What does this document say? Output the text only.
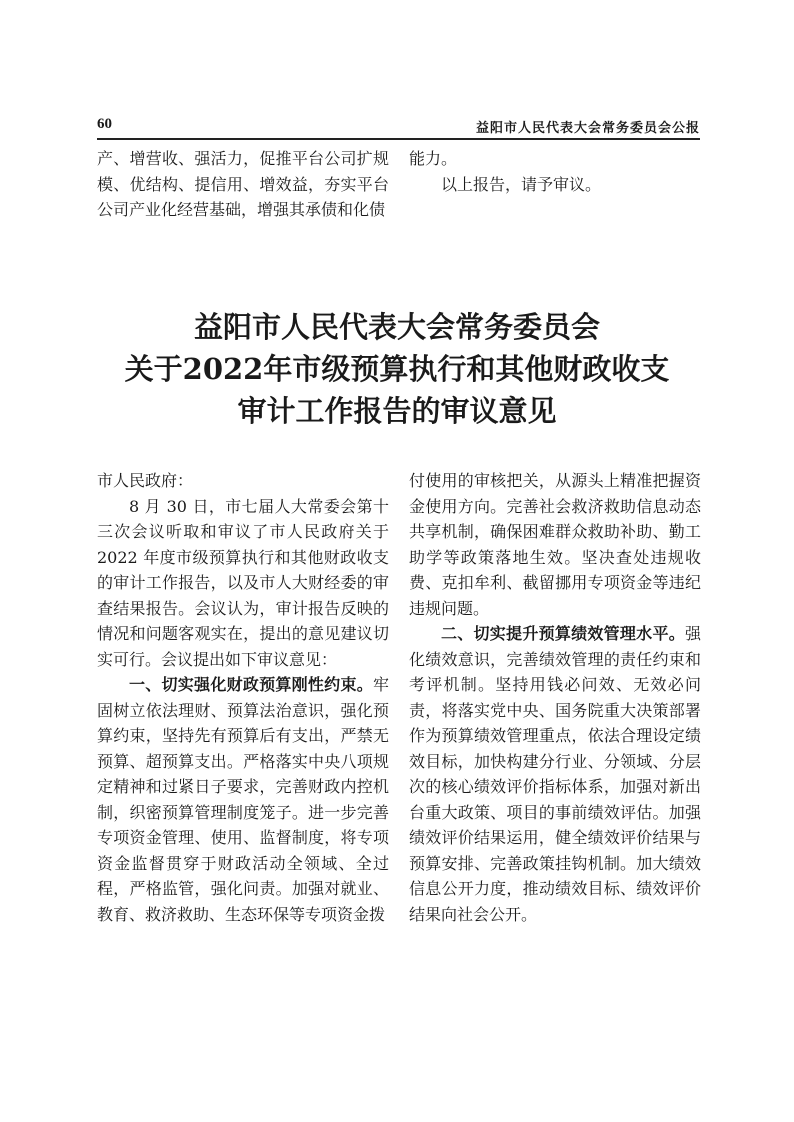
60	益阳市人民代表大会常务委员会公报

产、增营收、强活力，促推平台公司扩规模、优结构、提信用、增效益，夯实平台公司产业化经营基础，增强其承债和化债

能力。

以上报告，请予审议。

益阳市人民代表大会常务委员会
关于2022年市级预算执行和其他财政收支
审计工作报告的审议意见

市人民政府：

8 月 30 日，市七届人大常委会第十三次会议听取和审议了市人民政府关于 2022 年度市级预算执行和其他财政收支的审计工作报告，以及市人大财经委的审查结果报告。会议认为，审计报告反映的情况和问题客观实在，提出的意见建议切实可行。会议提出如下审议意见：

一、切实强化财政预算刚性约束。牢固树立依法理财、预算法治意识，强化预算约束，坚持先有预算后有支出，严禁无预算、超预算支出。严格落实中央八项规定精神和过紧日子要求，完善财政内控机制，织密预算管理制度笼子。进一步完善专项资金管理、使用、监督制度，将专项资金监督贯穿于财政活动全领域、全过程，严格监管，强化问责。加强对就业、教育、救济救助、生态环保等专项资金拨

付使用的审核把关，从源头上精准把握资金使用方向。完善社会救济救助信息动态共享机制，确保困难群众救助补助、勤工助学等政策落地生效。坚决查处违规收费、克扣牟利、截留挪用专项资金等违纪违规问题。

二、切实提升预算绩效管理水平。强化绩效意识，完善绩效管理的责任约束和考评机制。坚持用钱必问效、无效必问责，将落实党中央、国务院重大决策部署作为预算绩效管理重点，依法合理设定绩效目标，加快构建分行业、分领域、分层次的核心绩效评价指标体系，加强对新出台重大政策、项目的事前绩效评估。加强绩效评价结果运用，健全绩效评价结果与预算安排、完善政策挂钩机制。加大绩效信息公开力度，推动绩效目标、绩效评价结果向社会公开。
